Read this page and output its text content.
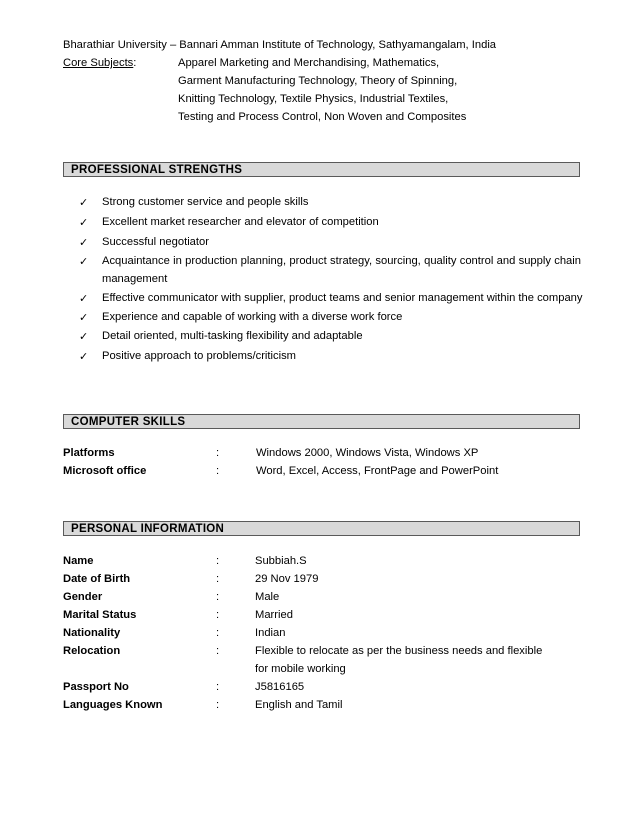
Bharathiar University – Bannari Amman Institute of Technology, Sathyamangalam, India
Core Subjects:	Apparel Marketing and Merchandising, Mathematics,
Garment Manufacturing Technology, Theory of Spinning,
Knitting Technology, Textile Physics, Industrial Textiles,
Testing and Process Control, Non Woven and Composites
PROFESSIONAL STRENGTHS
✓ Strong customer service and people skills
✓ Excellent market researcher and elevator of competition
✓ Successful negotiator
✓ Acquaintance in production planning, product strategy, sourcing, quality control and supply chain
management
✓ Effective communicator with supplier, product teams and senior management within the company
✓ Experience and capable of working with a diverse work force
✓ Detail oriented, multi-tasking flexibility and adaptable
✓ Positive approach to problems/criticism
COMPUTER SKILLS
Platforms	:	Windows 2000, Windows Vista, Windows XP
Microsoft office	:	Word, Excel, Access, FrontPage and PowerPoint
PERSONAL INFORMATION
Name	:	Subbiah.S
Date of Birth	:	29 Nov 1979
Gender	:	Male
Marital Status	:	Married
Nationality	:	Indian
Relocation	:	Flexible to relocate as per the business needs and flexible
for mobile working
Passport No	:	J5816165
Languages Known	:	English and Tamil
